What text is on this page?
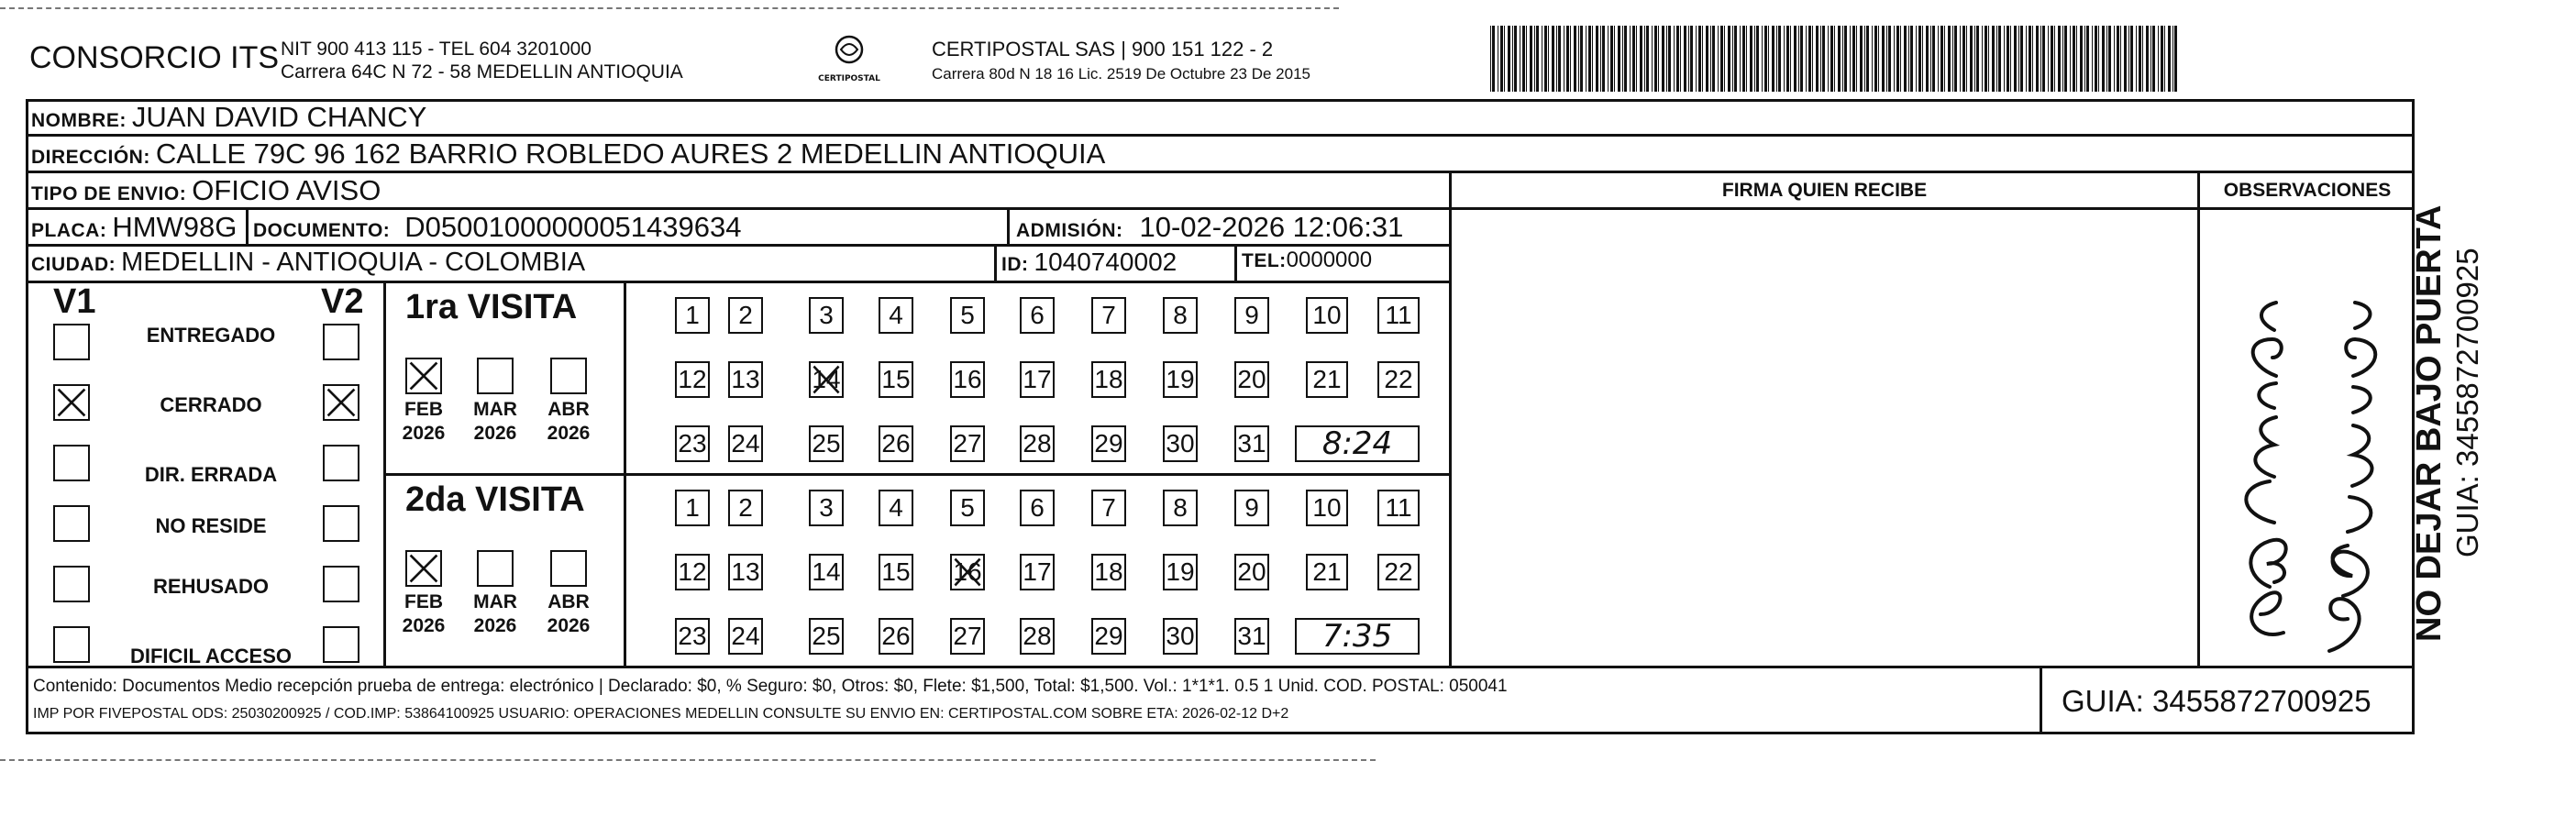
CONSORCIO ITS NIT 900 413 115 - TEL 604 3201000
Carrera 64C N 72 - 58 MEDELLIN ANTIOQUIA	CERTIPOSTAL
CERTIPOSTAL SAS | 900 151 122 - 2
Carrera 80d N 18 16 Lic. 2519 De Octubre 23 De 2015
NOMBRE: JUAN DAVID CHANCY
DIRECCIÓN: CALLE 79C 96 162 BARRIO ROBLEDO AURES 2 MEDELLIN ANTIOQUIA
TIPO DE ENVIO: OFICIO AVISO	FIRMA QUIEN RECIBE	OBSERVACIONES
PLACA: HMW98G DOCUMENTO: D05001000000051439634	ADMISIÓN: 10-02-2026 12:06:31
CIUDAD: MEDELLIN - ANTIOQUIA - COLOMBIA	ID: 1040740002	TEL: 0000000
V1	V2
ENTREGADO
CERRADO
DIR. ERRADA
NO RESIDE
REHUSADO
DIFICIL ACCESO
1ra VISITA
FEB
2026
MAR
2026
ABR
2026
1	2	3	4	5	6	7	8	9	10	11
12 13 14 15 16 17 18 19 20 21 22
23 24 25 26 27 28 29 30 31	8:24
2da VISITA
FEB
2026
MAR
2026
ABR
2026
1	2	3	4	5	6	7	8	9	10	11
12 13 14 15 16 17 18 19 20 21 22
23 24 25 26 27 28 29 30 31	7:35	NO DEJAR BAJO PUERTA GUIA: 3455872700925
Contenido: Documentos Medio recepción prueba de entrega: electrónico | Declarado: $0, % Seguro: $0, Otros: $0, Flete: $1,500, Total: $1,500. Vol.: 1*1*1. 0.5 1 Unid. COD. POSTAL: 050041
IMP POR FIVEPOSTAL ODS: 25030200925 / COD.IMP: 53864100925 USUARIO: OPERACIONES MEDELLIN CONSULTE SU ENVIO EN: CERTIPOSTAL.COM SOBRE ETA: 2026-02-12 D+2	GUIA: 3455872700925
